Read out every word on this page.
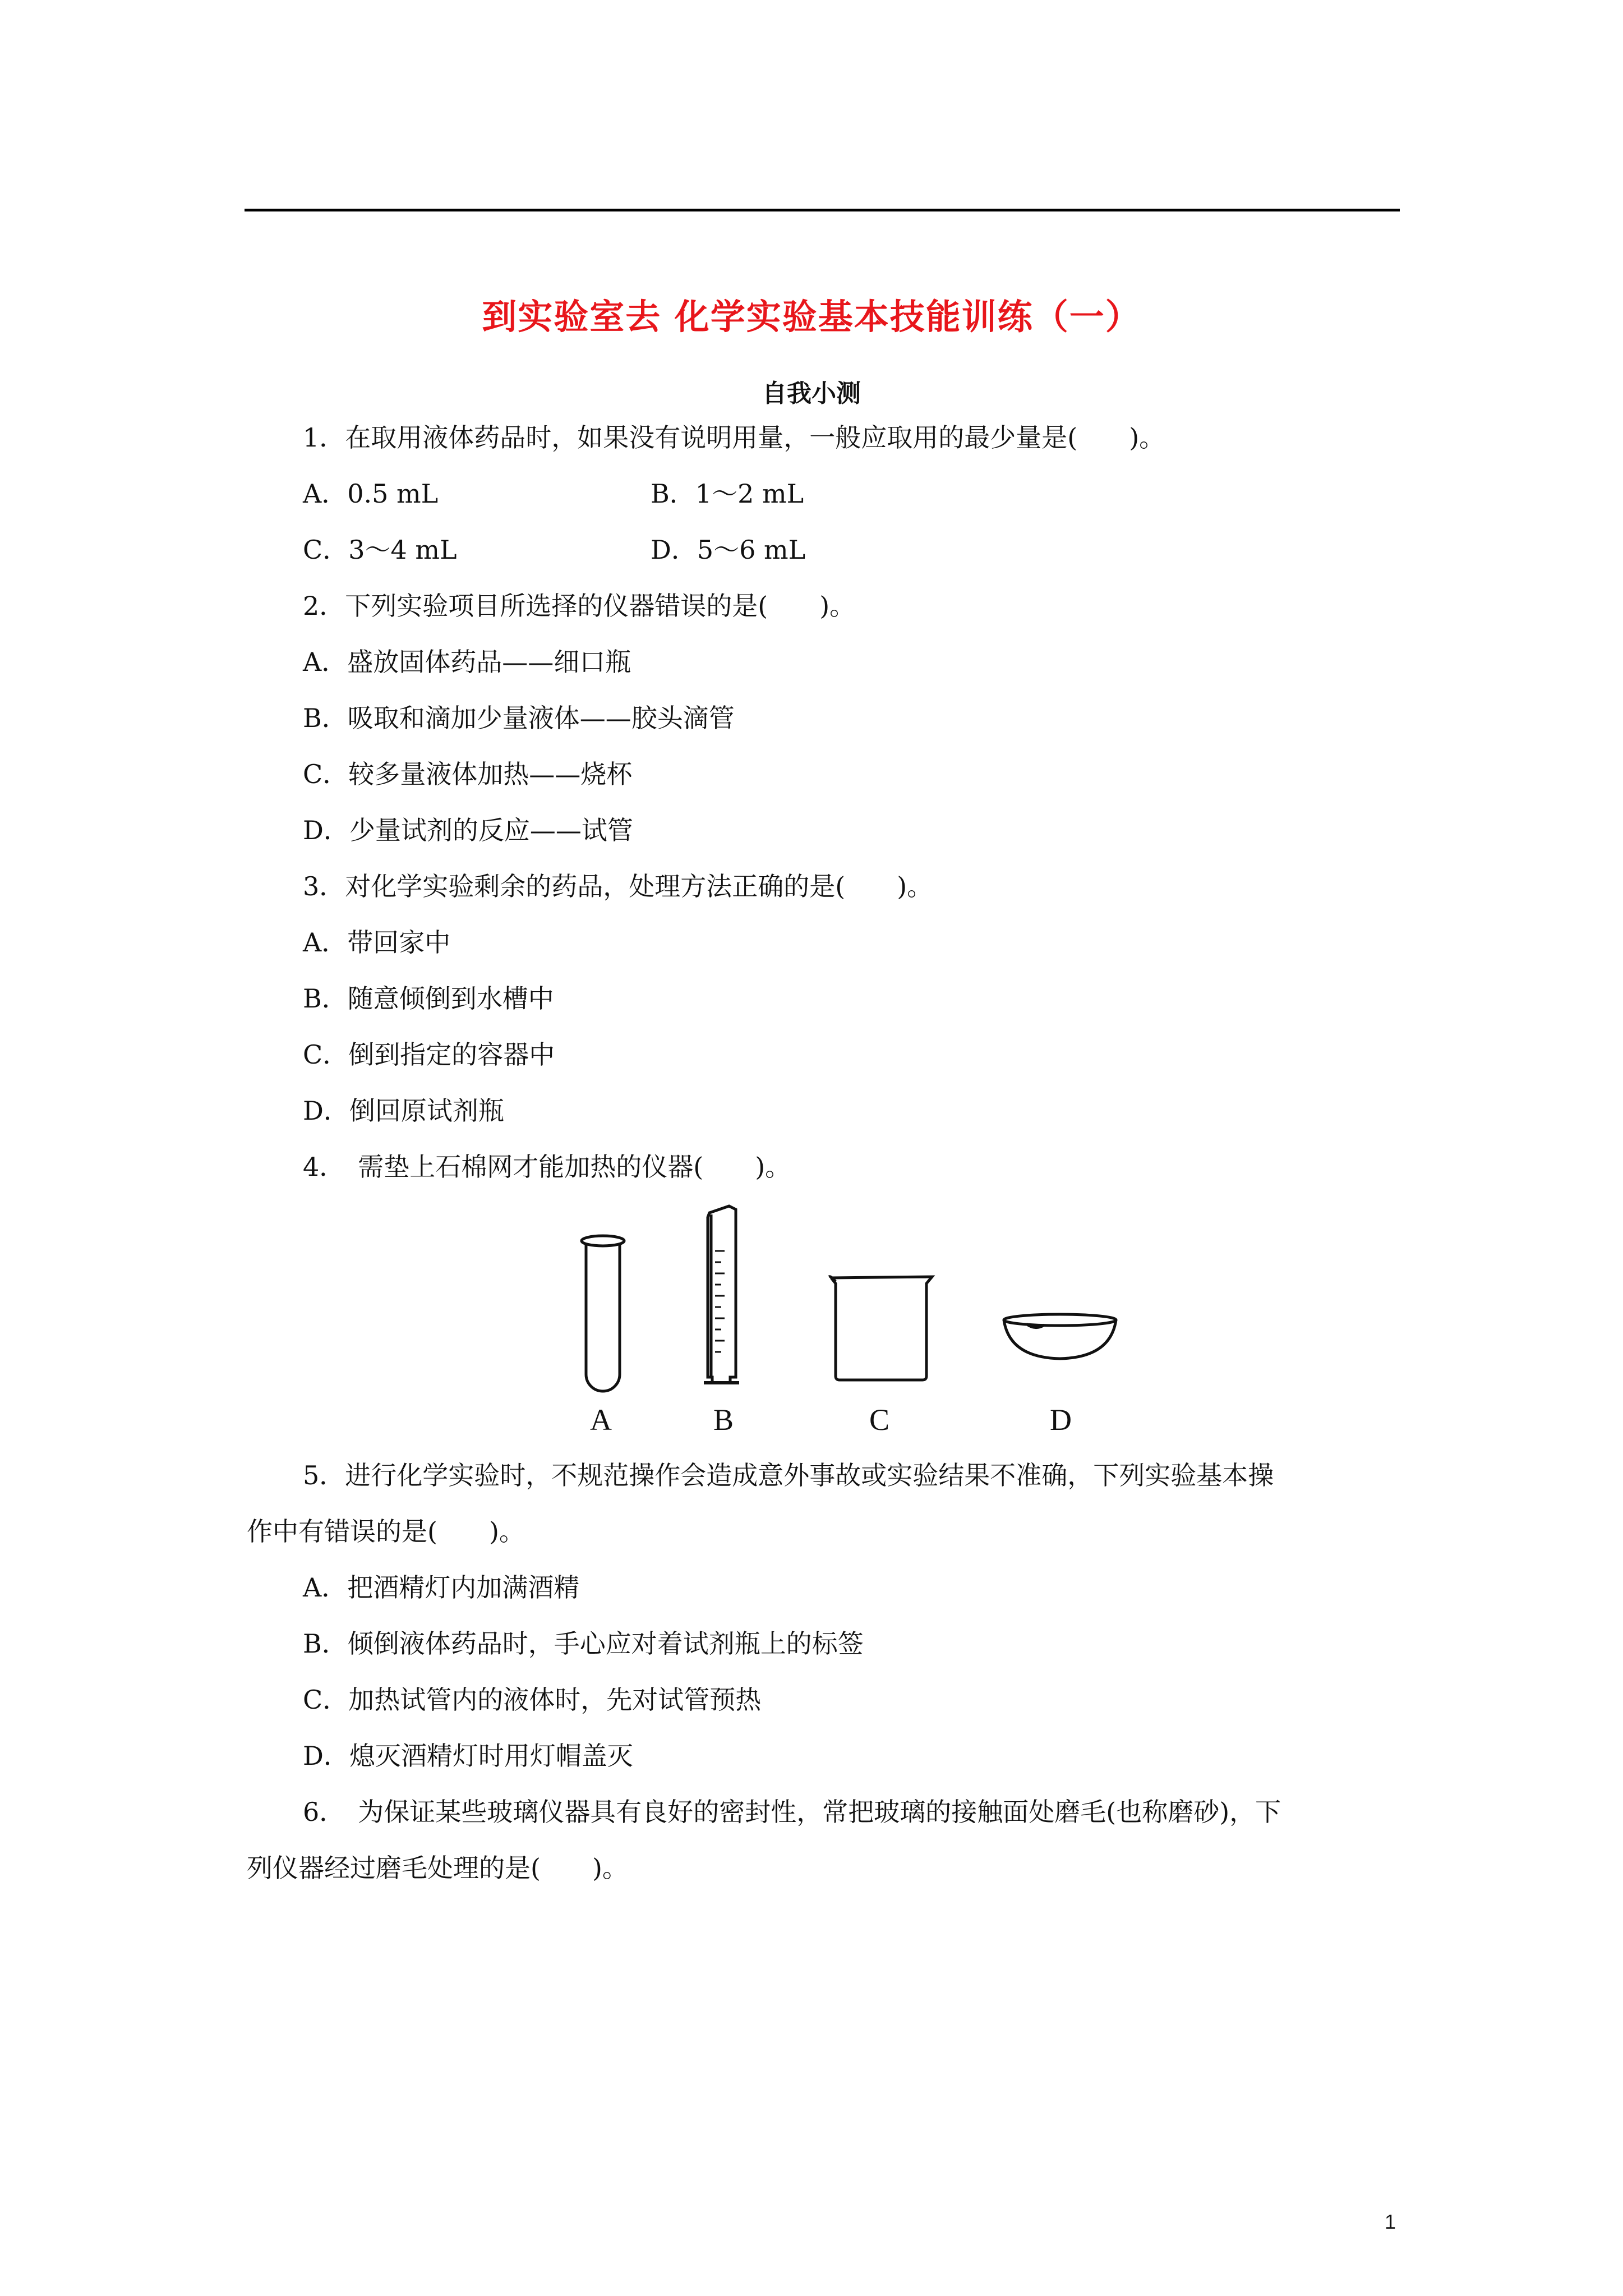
到实验室去 化学实验基本技能训练（一）
自我小测
1．在取用液体药品时，如果没有说明用量，一般应取用的最少量是(　　)。
A．0.5 mL	B．1～2 mL
C．3～4 mL	D．5～6 mL
2．下列实验项目所选择的仪器错误的是(　　)。
A．盛放固体药品——细口瓶
B．吸取和滴加少量液体——胶头滴管
C．较多量液体加热——烧杯
D．少量试剂的反应——试管
3．对化学实验剩余的药品，处理方法正确的是(　　)。
A．带回家中
B．随意倾倒到水槽中
C．倒到指定的容器中
D．倒回原试剂瓶
4．　需垫上石棉网才能加热的仪器(　　)。
A	B	C	D
5．进行化学实验时，不规范操作会造成意外事故或实验结果不准确，下列实验基本操
作中有错误的是(　　)。
A．把酒精灯内加满酒精
B．倾倒液体药品时，手心应对着试剂瓶上的标签
C．加热试管内的液体时，先对试管预热
D．熄灭酒精灯时用灯帽盖灭
6．　为保证某些玻璃仪器具有良好的密封性，常把玻璃的接触面处磨毛(也称磨砂)，下
列仪器经过磨毛处理的是(　　)。
1
